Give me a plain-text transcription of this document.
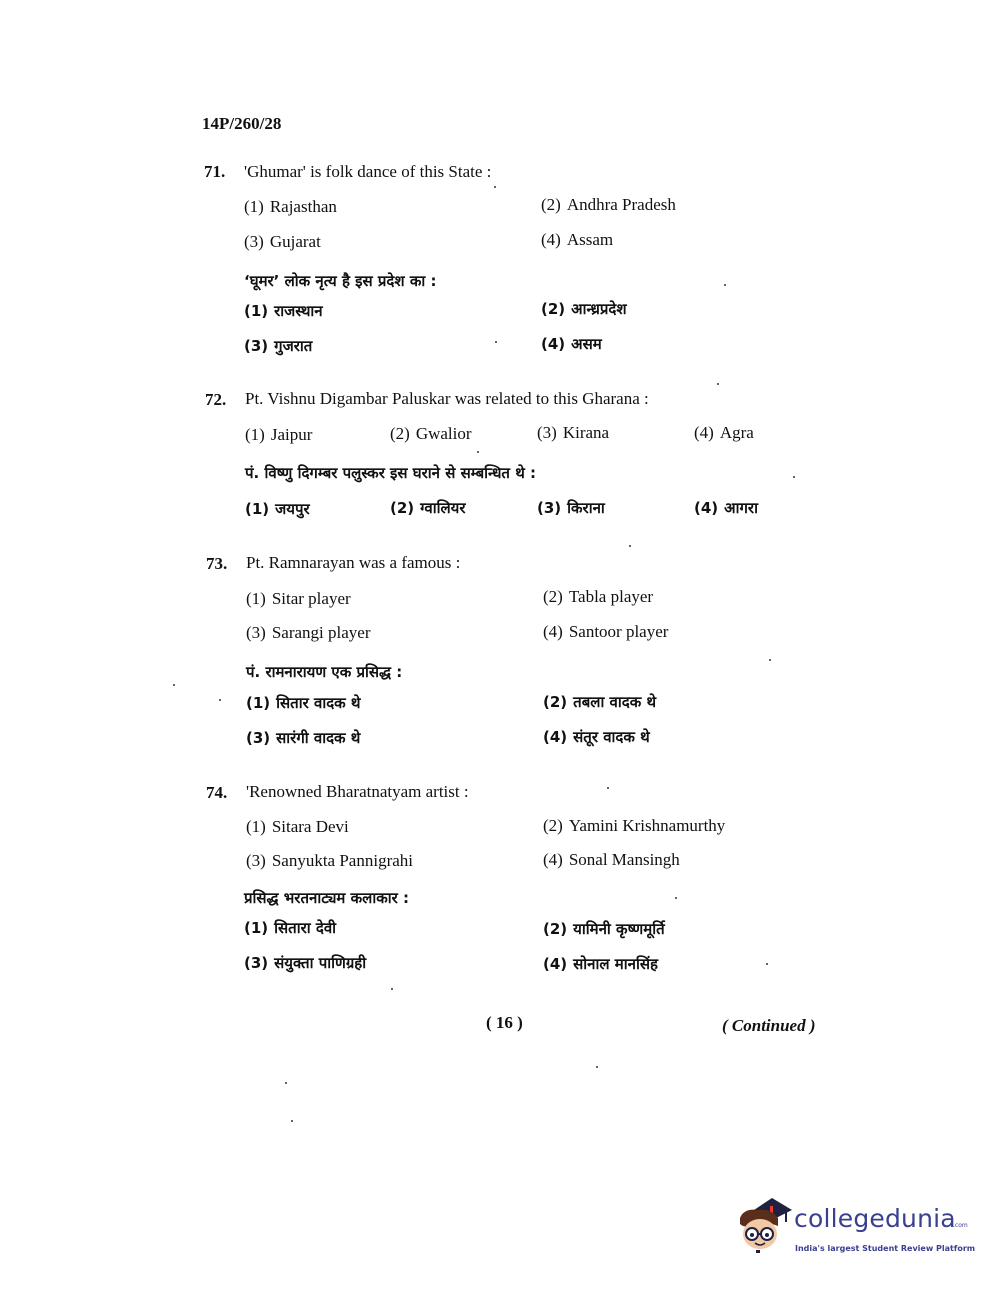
14P/260/28
71. 'Ghumar' is folk dance of this State :
(1) Rajasthan	(2) Andhra Pradesh
(3) Gujarat	(4) Assam
‘घूमर’ लोक नृत्य है इस प्रदेश का :
(1) राजस्थान	(2) आन्ध्रप्रदेश
(3) गुजरात	(4) असम
72. Pt. Vishnu Digambar Paluskar was related to this Gharana :
(1) Jaipur	(2) Gwalior	(3) Kirana	(4) Agra
पं. विष्णु दिगम्बर पलुस्कर इस घराने से सम्बन्धित थे :
(1) जयपुर	(2) ग्वालियर	(3) किराना	(4) आगरा
73. Pt. Ramnarayan was a famous :
(1) Sitar player	(2) Tabla player
(3) Sarangi player	(4) Santoor player
पं. रामनारायण एक प्रसिद्ध :
(1) सितार वादक थे	(2) तबला वादक थे
(3) सारंगी वादक थे	(4) संतूर वादक थे
74. 'Renowned Bharatnatyam artist :
(1) Sitara Devi	(2) Yamini Krishnamurthy
(3) Sanyukta Pannigrahi	(4) Sonal Mansingh
प्रसिद्ध भरतनाट्यम कलाकार :
(1) सितारा देवी	(2) यामिनी कृष्णमूर्ति
(3) संयुक्ता पाणिग्रही	(4) सोनाल मानसिंह
( 16 )	( Continued )
collegedunia
.com
India's largest Student Review Platform
